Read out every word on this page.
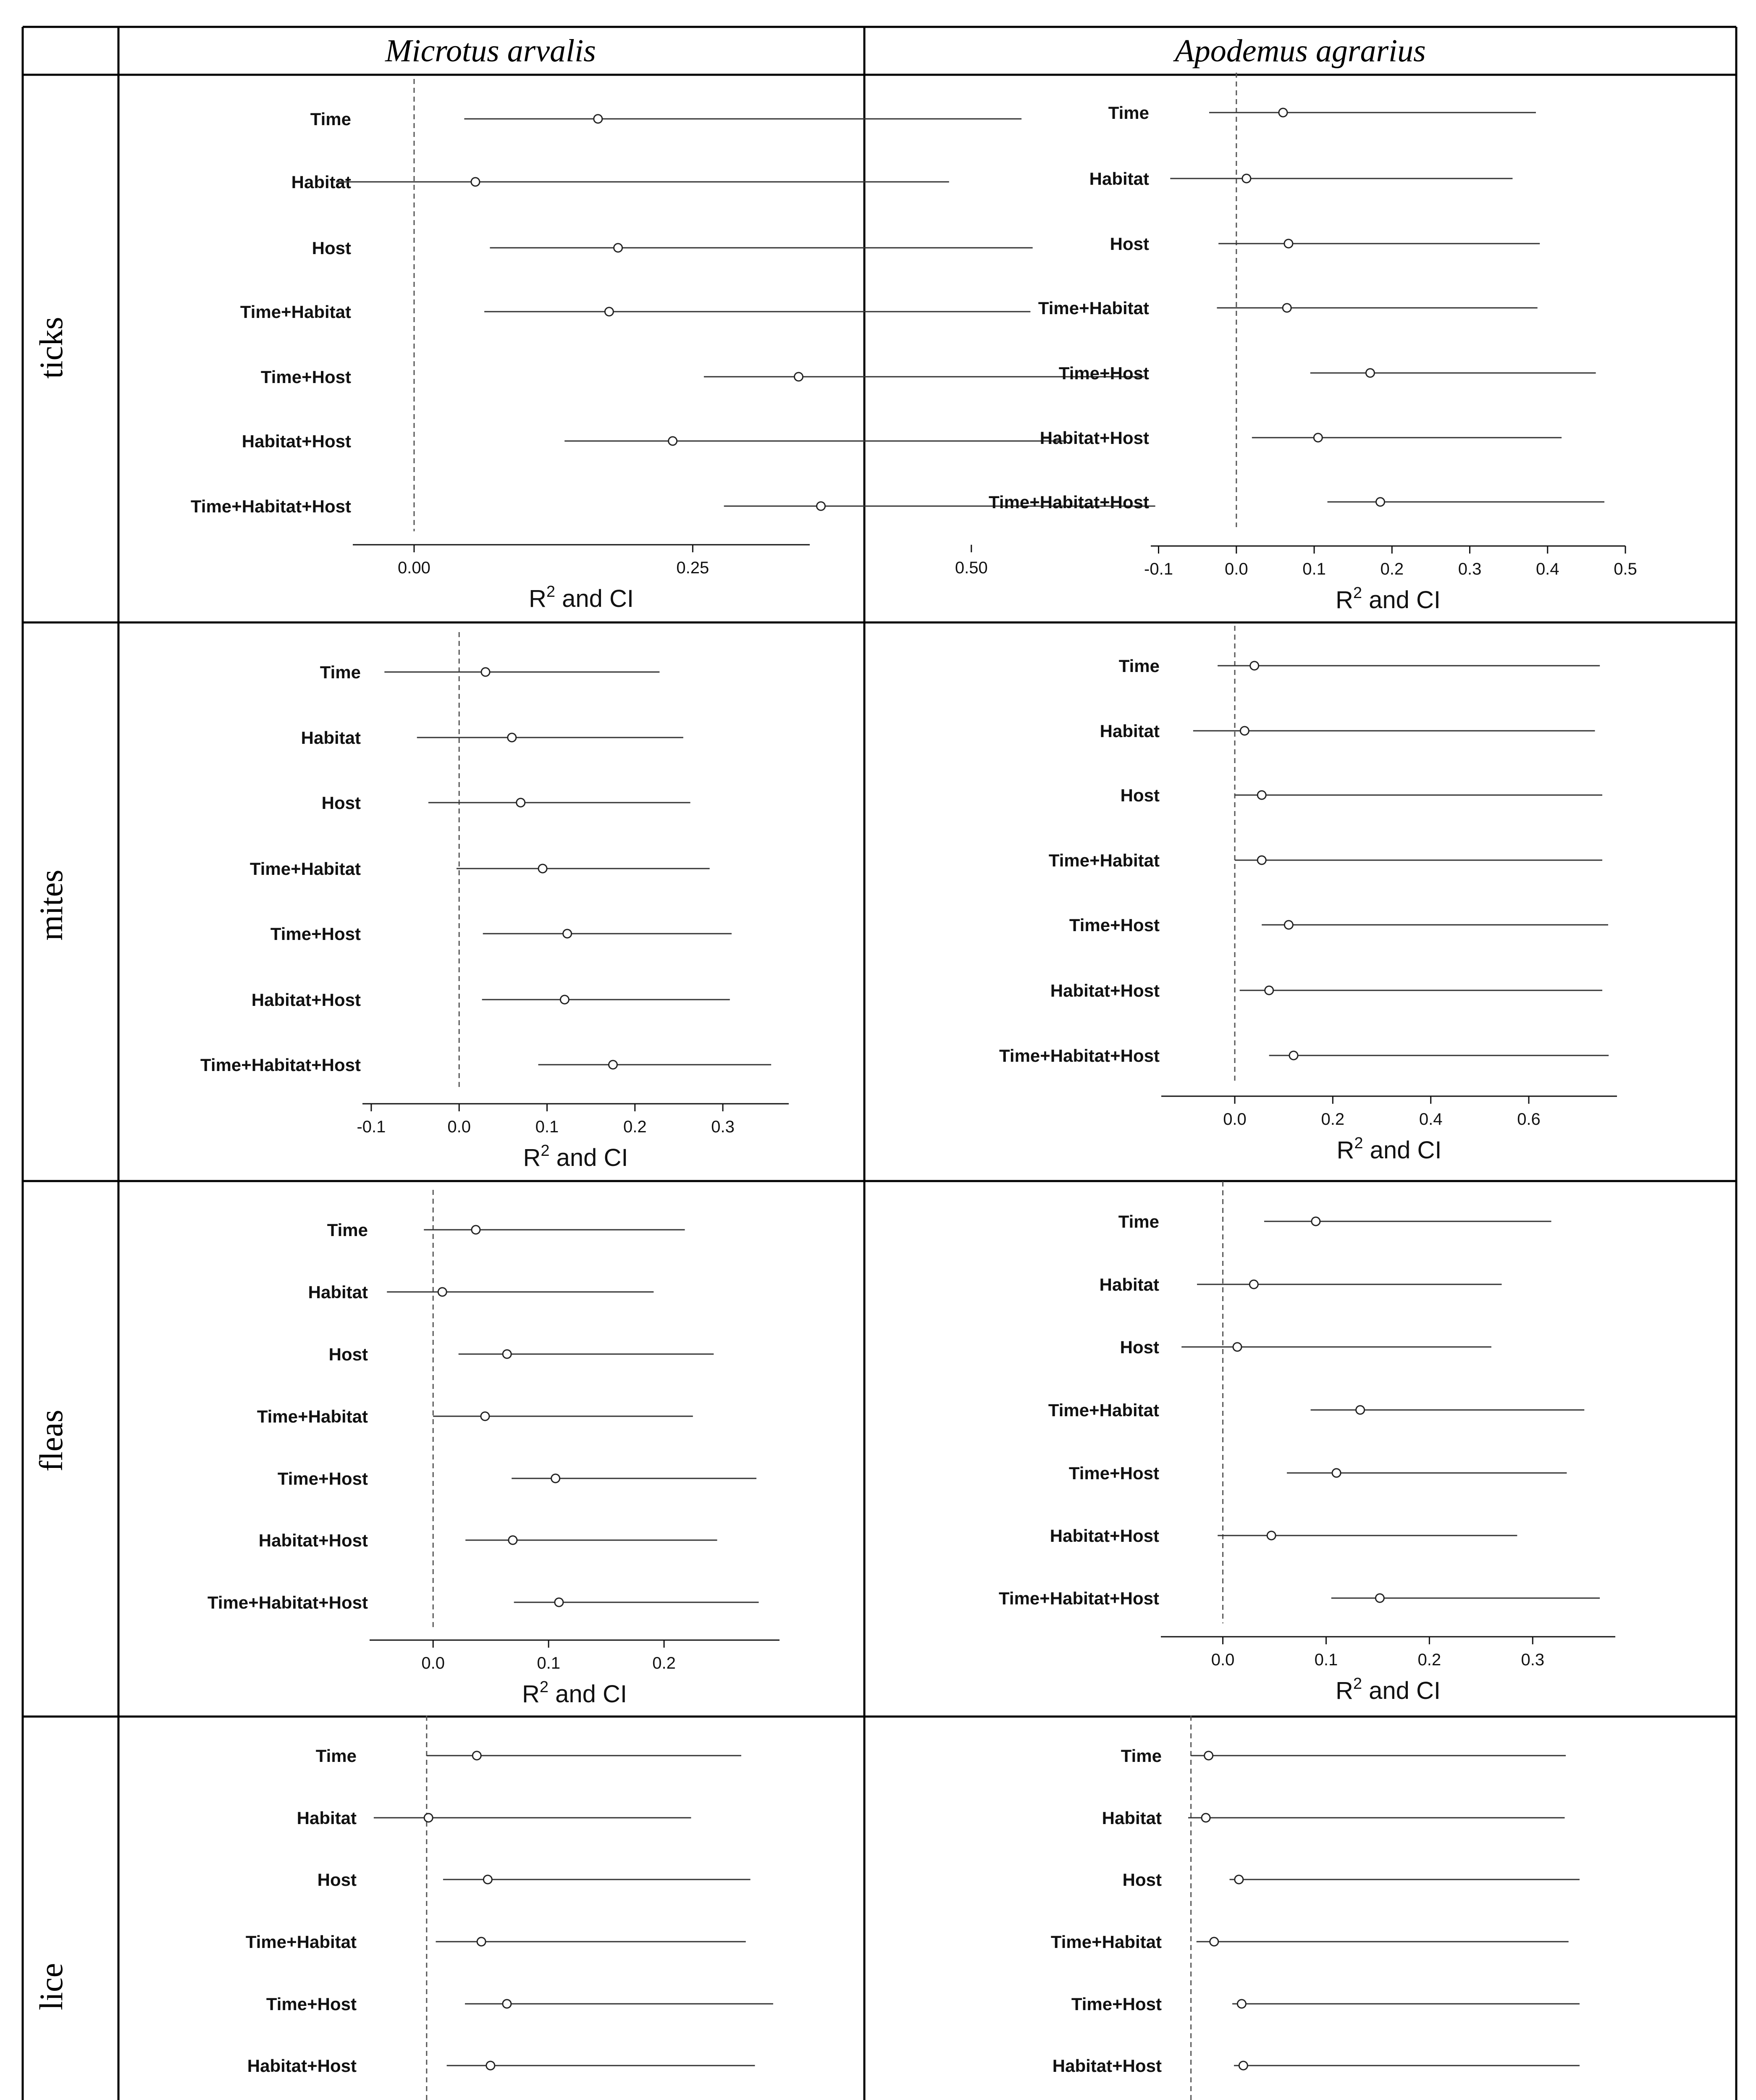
Microtus arvalis	Apodemus agrarius
ticks
mites
fleas
lice
Time
Habitat
Host
Time+Habitat
Time+Host
Habitat+Host
Time+Habitat+Host
0.00	0.25	0.50
$R^2$ and CI
Time
Habitat
Host
Time+Habitat
Time+Host
Habitat+Host
Time+Habitat+Host
-0.1	0.0	0.1	0.2	0.3	0.4	0.5
$R^2$ and CI
Time
Habitat
Host
Time+Habitat
Time+Host
Habitat+Host
Time+Habitat+Host
-0.1	0.0	0.1	0.2	0.3
$R^2$ and CI
Time
Habitat
Host
Time+Habitat
Time+Host
Habitat+Host
Time+Habitat+Host
0.0	0.2	0.4	0.6
$R^2$ and CI
Time
Habitat
Host
Time+Habitat
Time+Host
Habitat+Host
Time+Habitat+Host
0.0	0.1	0.2
$R^2$ and CI
Time
Habitat
Host
Time+Habitat
Time+Host
Habitat+Host
Time+Habitat+Host
0.0	0.1	0.2	0.3
$R^2$ and CI
Time
Habitat
Host
Time+Habitat
Time+Host
Habitat+Host
Time
Habitat
Host
Time+Habitat
Time+Host
Habitat+Host
